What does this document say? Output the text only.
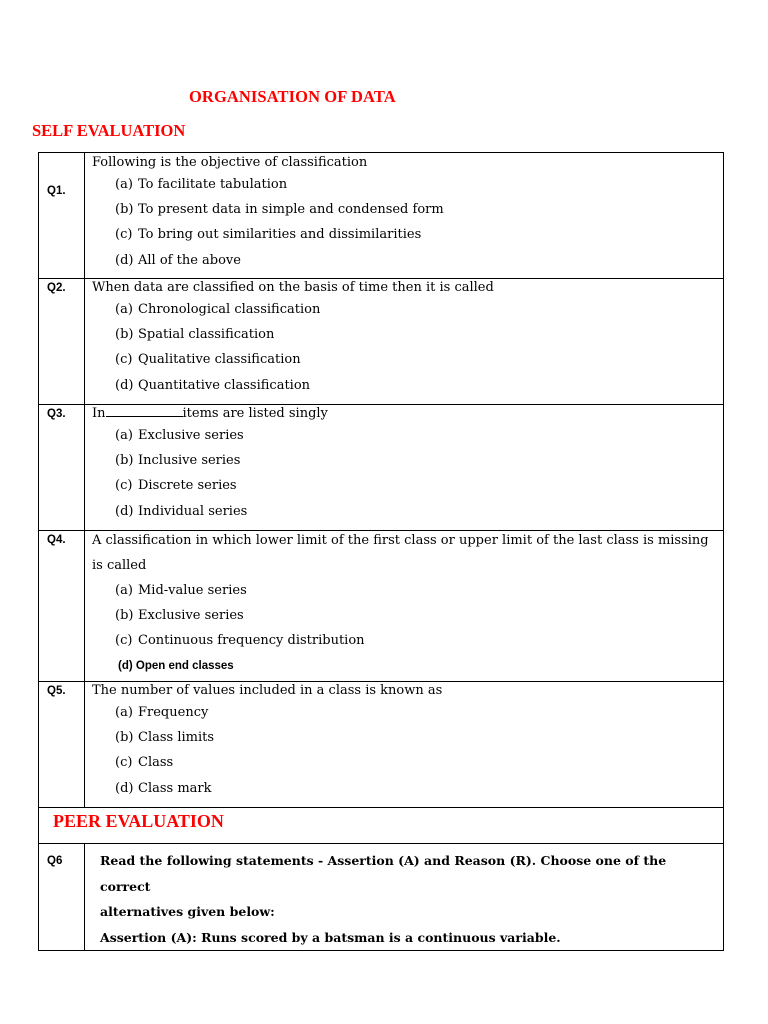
ORGANISATION OF DATA
SELF EVALUATION
Q1.	Following is the objective of classification
(a) To facilitate tabulation
(b) To present data in simple and condensed form
(c) To bring out similarities and dissimilarities
(d) All of the above

Q2.	When data are classified on the basis of time then it is called
(a) Chronological classification
(b) Spatial classification
(c) Qualitative classification
(d) Quantitative classification

Q3.	In items are listed singly
(a) Exclusive series
(b) Inclusive series
(c) Discrete series
(d) Individual series

Q4.	A classification in which lower limit of the first class or upper limit of the last class is missing is called
(a) Mid-value series
(b) Exclusive series
(c) Continuous frequency distribution
(d) Open end classes

Q5.	The number of values included in a class is known as
(a) Frequency
(b) Class limits
(c) Class
(d) Class mark

PEER EVALUATION	

Q6	Read the following statements - Assertion (A) and Reason (R). Choose one of the correct
alternatives given below:
Assertion (A): Runs scored by a batsman is a continuous variable.
